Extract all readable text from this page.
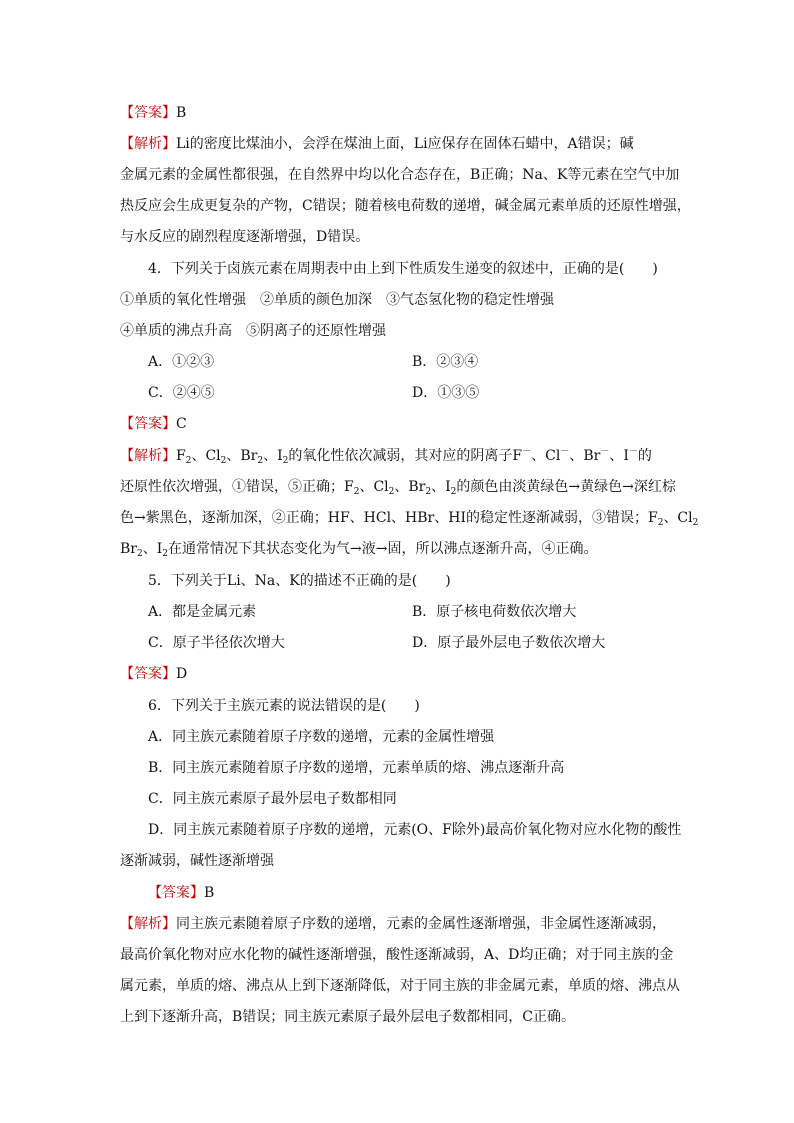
【答案】B
【解析】Li的密度比煤油小，会浮在煤油上面，Li应保存在固体石蜡中，A错误；碱
金属元素的金属性都很强，在自然界中均以化合态存在，B正确；Na、K等元素在空气中加
热反应会生成更复杂的产物，C错误；随着核电荷数的递增，碱金属元素单质的还原性增强，
与水反应的剧烈程度逐渐增强，D错误。
4．下列关于卤族元素在周期表中由上到下性质发生递变的叙述中，正确的是(　　)
①单质的氧化性增强　②单质的颜色加深　③气态氢化物的稳定性增强
④单质的沸点升高　⑤阴离子的还原性增强
A．①②③	B．②③④
C．②④⑤	D．①③⑤
【答案】C
【解析】$F_2$、$Cl_2$、$Br_2$、$I_2$的氧化性依次减弱，其对应的阴离子F－、Cl－、Br－、I－的
还原性依次增强，①错误，⑤正确；$F_2$、$Cl_2$、$Br_2$、$I_2$的颜色由淡黄绿色→黄绿色→深红棕
色→紫黑色，逐渐加深，②正确；HF、HCl、HBr、HI的稳定性逐渐减弱，③错误；$F_2$、$Cl_2$
$Br_2$、$I_2$在通常情况下其状态变化为气→液→固，所以沸点逐渐升高，④正确。
5．下列关于Li、Na、K的描述不正确的是(　　)
A．都是金属元素	B．原子核电荷数依次增大
C．原子半径依次增大	D．原子最外层电子数依次增大
【答案】D
6．下列关于主族元素的说法错误的是(　　)
A．同主族元素随着原子序数的递增，元素的金属性增强
B．同主族元素随着原子序数的递增，元素单质的熔、沸点逐渐升高
C．同主族元素原子最外层电子数都相同
D．同主族元素随着原子序数的递增，元素(O、F除外)最高价氧化物对应水化物的酸性
逐渐减弱，碱性逐渐增强
【答案】B
【解析】同主族元素随着原子序数的递增，元素的金属性逐渐增强，非金属性逐渐减弱，
最高价氧化物对应水化物的碱性逐渐增强，酸性逐渐减弱，A、D均正确；对于同主族的金
属元素，单质的熔、沸点从上到下逐渐降低，对于同主族的非金属元素，单质的熔、沸点从
上到下逐渐升高，B错误；同主族元素原子最外层电子数都相同，C正确。
